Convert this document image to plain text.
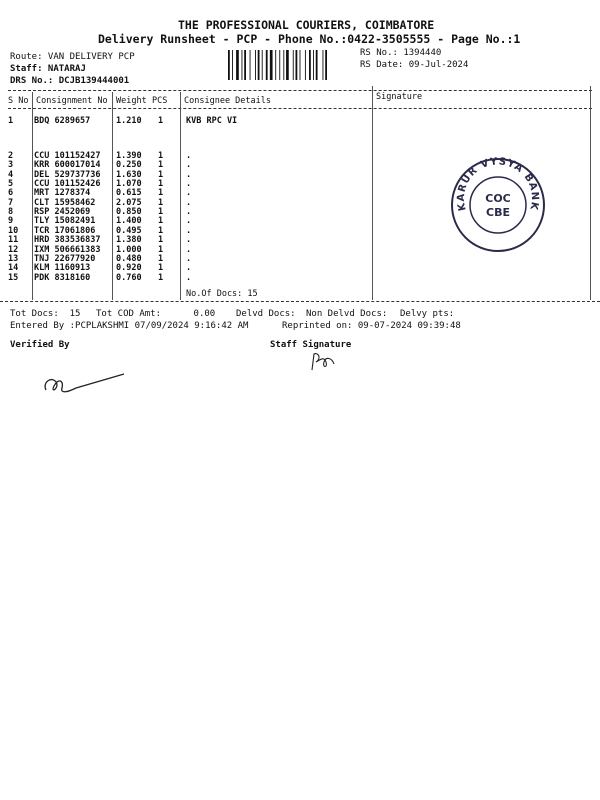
THE PROFESSIONAL COURIERS, COIMBATORE
Delivery Runsheet - PCP - Phone No.:0422-3505555 - Page No.:1
Route: VAN DELIVERY PCP
Staff: NATARAJ
DRS No.: DCJB139444001
RS No.: 1394440
RS Date: 09-Jul-2024
S No Consignment No Weight PCS Consignee Details	Signature
1 BDQ 6289657	1.210 1	KVB RPC VI
2 CCU 101152427 1.390 1	.
3 KRR 600017014 0.250 1	.
4 DEL 529737736 1.630 1	.
5 CCU 101152426 1.070 1	.
6 MRT 1278374	0.615 1	.
7 CLT 15958462 2.075 1	.
8 RSP 2452069	0.850 1	.
9 TLY 15082491 1.400 1	.
10 TCR 17061806 0.495 1	.
11 HRD 383536837 1.380 1	.
12 IXM 506661383 1.000 1	.
13 TNJ 22677920 0.480 1	.
14 KLM 1160913	0.920 1	.
15 PDK 8318160	0.760 1	.
No.Of Docs: 15
KARUR VYSYA BANK
COC
CBE
Tot Docs:  15 Tot COD Amt:      0.00 Delvd Docs: Non Delvd Docs: Delvy pts:
Entered By :PCPLAKSHMI 07/09/2024 9:16:42 AM	Reprinted on: 09-07-2024 09:39:48
Verified By	Staff Signature
